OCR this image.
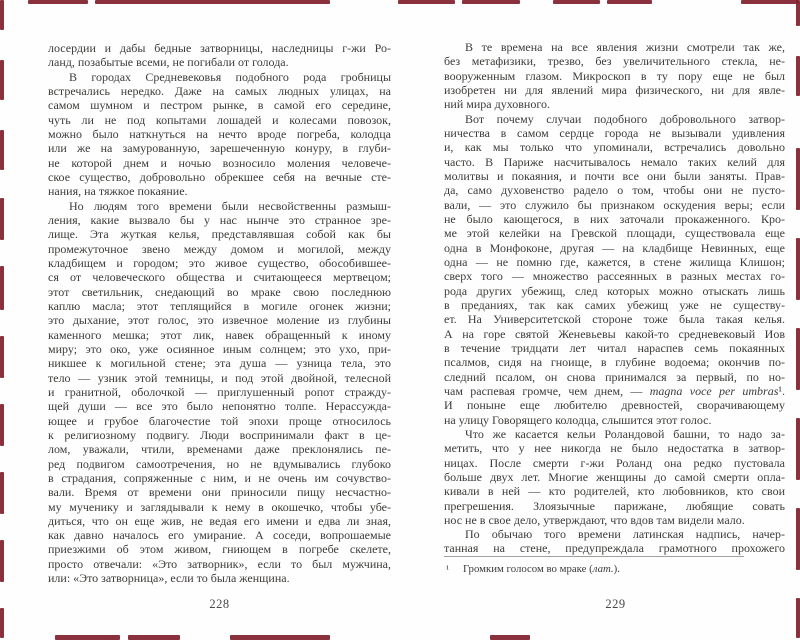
лосердии и дабы бедные затворницы, наследницы г-жи Ро-
ланд, позабытые всеми, не погибали от голода.
В городах Средневековья подобного рода гробницы
встречались нередко. Даже на самых людных улицах, на
самом шумном и пестром рынке, в самой его середине,
чуть ли не под копытами лошадей и колесами повозок,
можно было наткнуться на нечто вроде погреба, колодца
или же на замурованную, зарешеченную конуру, в глуби-
не которой днем и ночью возносило моления человече-
ское существо, добровольно обрекшее себя на вечные сте-
нания, на тяжкое покаяние.
Но людям того времени были несвойственны размыш-
ления, какие вызвало бы у нас нынче это странное зре-
лище. Эта жуткая келья, представлявшая собой как бы
промежуточное звено между домом и могилой, между
кладбищем и городом; это живое существо, обособившее-
ся от человеческого общества и считающееся мертвецом;
этот светильник, снедающий во мраке свою последнюю
каплю масла; этот теплящийся в могиле огонек жизни;
это дыхание, этот голос, это извечное моление из глубины
каменного мешка; этот лик, навек обращенный к иному
миру; это око, уже осиянное иным солнцем; это ухо, при-
никшее к могильной стене; эта душа — узница тела, это
тело — узник этой темницы, и под этой двойной, телесной
и гранитной, оболочкой — приглушенный ропот стражду-
щей души — все это было непонятно толпе. Нерассужда-
ющее и грубое благочестие той эпохи проще относилось
к религиозному подвигу. Люди воспринимали факт в це-
лом, уважали, чтили, временами даже преклонялись пе-
ред подвигом самоотречения, но не вдумывались глубоко
в страдания, сопряженные с ним, и не очень им сочувство-
вали. Время от времени они приносили пищу несчастно-
му мученику и заглядывали к нему в окошечко, чтобы убе-
диться, что он еще жив, не ведая его имени и едва ли зная,
как давно началось его умирание. А соседи, вопрошаемые
приезжими об этом живом, гниющем в погребе скелете,
просто отвечали: «Это затворник», если то был мужчина,
или: «Это затворница», если то была женщина.
В те времена на все явления жизни смотрели так же,
без метафизики, трезво, без увеличительного стекла, не-
вооруженным глазом. Микроскоп в ту пору еще не был
изобретен ни для явлений мира физического, ни для явле-
ний мира духовного.
Вот почему случаи подобного добровольного затвор-
ничества в самом сердце города не вызывали удивления
и, как мы только что упоминали, встречались довольно
часто. В Париже насчитывалось немало таких келий для
молитвы и покаяния, и почти все они были заняты. Прав-
да, само духовенство радело о том, чтобы они не пусто-
вали, — это служило бы признаком оскудения веры; если
не было кающегося, в них заточали прокаженного. Кро-
ме этой келейки на Гревской площади, существовала еще
одна в Монфоконе, другая — на кладбище Невинных, еще
одна — не помню где, кажется, в стене жилища Клишон;
сверх того — множество рассеянных в разных местах го-
рода других убежищ, след которых можно отыскать лишь
в преданиях, так как самих убежищ уже не существу-
ет. На Университетской стороне тоже была такая келья.
А на горе святой Женевьевы какой-то средневековый Иов
в течение тридцати лет читал нараспев семь покаянных
псалмов, сидя на гноище, в глубине водоема; окончив по-
следний псалом, он снова принимался за первый, по но-
чам распевая громче, чем днем, — magna voce per umbras¹.
И поныне еще любителю древностей, сворачивающему
на улицу Говорящего колодца, слышится этот голос.
Что же касается кельи Роландовой башни, то надо за-
метить, что у нее никогда не было недостатка в затвор-
ницах. После смерти г-жи Роланд она редко пустовала
больше двух лет. Многие женщины до самой смерти опла-
кивали в ней — кто родителей, кто любовников, кто свои
прегрешения. Злоязычные парижане, любящие совать
нос не в свое дело, утверждают, что вдов там видели мало.
По обычаю того времени латинская надпись, начер-
танная на стене, предупреждала грамотного прохожего
¹ Громким голосом во мраке (лат.).
228	229
